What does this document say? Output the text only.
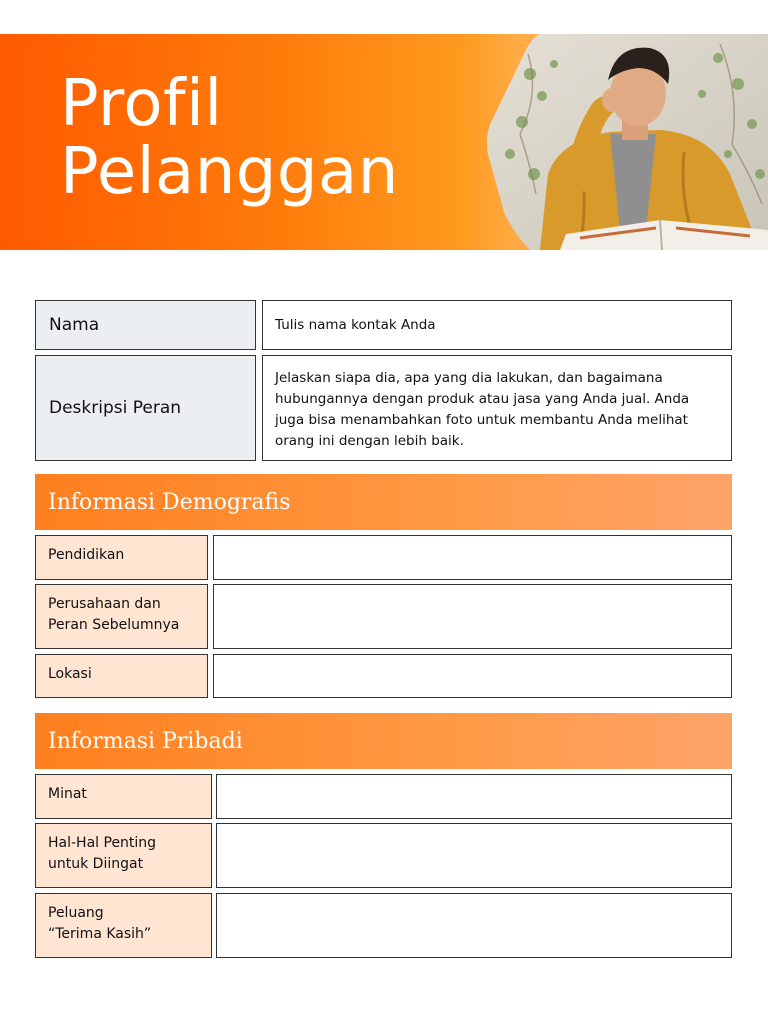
Profil
Pelanggan
Nama	Tulis nama kontak Anda
Deskripsi Peran
Jelaskan siapa dia, apa yang dia lakukan, dan bagaimana hubungannya dengan produk atau jasa yang Anda jual. Anda juga bisa menambahkan foto untuk membantu Anda melihat orang ini dengan lebih baik.
Informasi Demografis
Pendidikan
Perusahaan dan
Peran Sebelumnya
Lokasi
Informasi Pribadi
Minat
Hal-Hal Penting
untuk Diingat
Peluang
“Terima Kasih”
